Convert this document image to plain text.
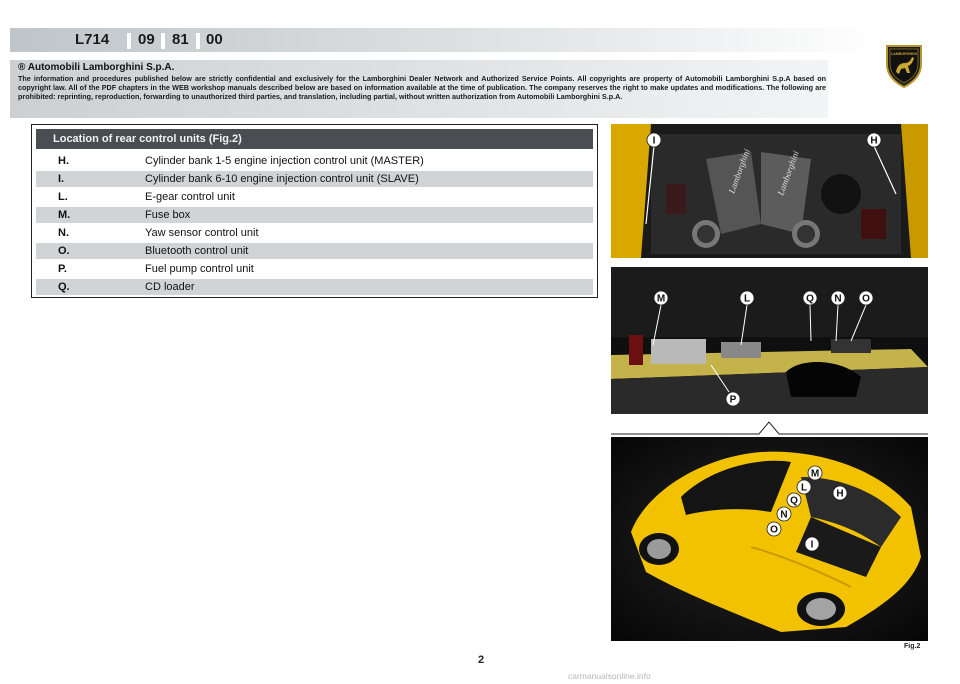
L714 09 81 00
LAMBORGHINI
® Automobili Lamborghini S.p.A.
The information and procedures published below are strictly confidential and exclusively for the Lamborghini Dealer Network and Authorized Service Points. All copyrights are property of Automobili Lamborghini S.p.A based on copyright law. All of the PDF chapters in the WEB workshop manuals described below are based on information available at the time of publication. The company reserves the right to make updates and modifications. The following are prohibited: reprinting, reproduction, forwarding to unauthorized third parties, and translation, including partial, without written authorization from Automobili Lamborghini S.p.A.
Location of rear control units (Fig.2)
H.	Cylinder bank 1-5 engine injection control unit (MASTER)
I.	Cylinder bank 6-10 engine injection control unit (SLAVE)
L.	E-gear control unit
M.	Fuse box
N.	Yaw sensor control unit
O.	Bluetooth control unit
P.	Fuel pump control unit
Q.	CD loader
Lamborghini	Lamborghini
I	H
M	L	Q N O
P
M
L
H
Q
N
O
I
Fig.2
2
carmanualsonline.info
